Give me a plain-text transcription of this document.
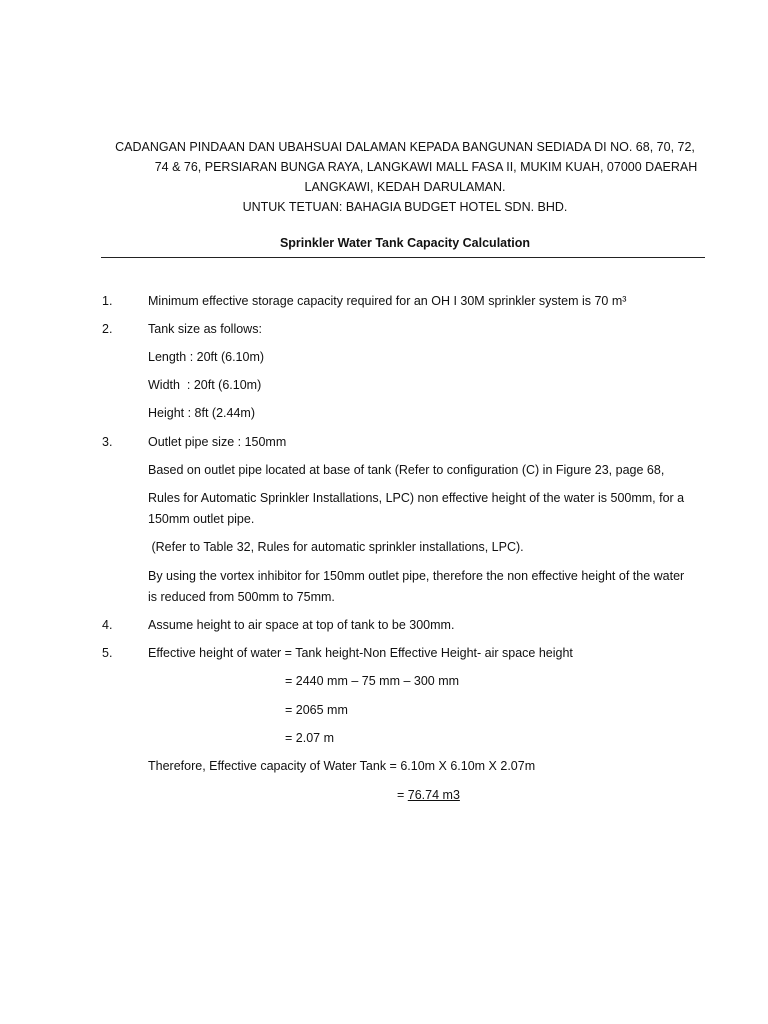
CADANGAN PINDAAN DAN UBAHSUAI DALAMAN KEPADA BANGUNAN SEDIADA DI NO. 68, 70, 72,
74 & 76, PERSIARAN BUNGA RAYA, LANGKAWI MALL FASA II, MUKIM KUAH, 07000 DAERAH
LANGKAWI, KEDAH DARULAMAN.
UNTUK TETUAN: BAHAGIA BUDGET HOTEL SDN. BHD.
Sprinkler Water Tank Capacity Calculation
1.	Minimum effective storage capacity required for an OH I 30M sprinkler system is 70 m³
2.	Tank size as follows:
Length : 20ft (6.10m)
Width  : 20ft (6.10m)
Height : 8ft (2.44m)
3.	Outlet pipe size : 150mm
Based on outlet pipe located at base of tank (Refer to configuration (C) in Figure 23, page 68,
Rules for Automatic Sprinkler Installations, LPC) non effective height of the water is 500mm, for a
150mm outlet pipe.
(Refer to Table 32, Rules for automatic sprinkler installations, LPC).
By using the vortex inhibitor for 150mm outlet pipe, therefore the non effective height of the water
is reduced from 500mm to 75mm.
4.	Assume height to air space at top of tank to be 300mm.
5.	Effective height of water = Tank height-Non Effective Height- air space height
= 2440 mm – 75 mm – 300 mm
= 2065 mm
= 2.07 m
Therefore, Effective capacity of Water Tank = 6.10m X 6.10m X 2.07m
= 76.74 m3
